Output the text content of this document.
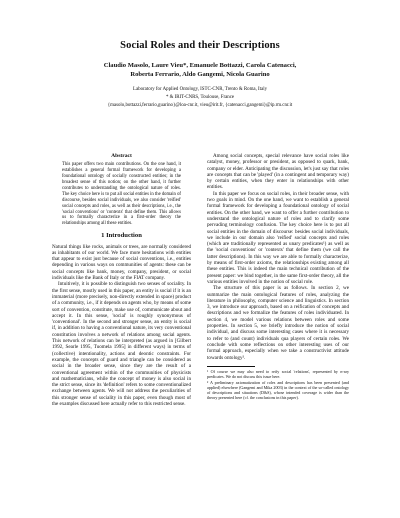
Social Roles and their Descriptions
Claudio Masolo, Laure Vieu*, Emanuele Bottazzi, Carola Catenacci,
Roberta Ferrario, Aldo Gangemi, Nicola Guarino
Laboratory for Applied Ontology, ISTC-CNR, Trento & Roma, Italy
* & IRIT-CNRS, Toulouse, France
{masolo,bottazzi,ferrario,guarino}@loa-cnr.it, vieu@irit.fr, {catenacci,gangemi}@ip.rm.cnr.it
Abstract
This paper offers two main contributions. On the one hand, it establishes a general formal framework for developing a foundational ontology of socially constructed entities; in the broadest sense of this notion; on the other hand, it further contributes to understanding the ontological nature of roles. The key choice here is to put all social entities in the domain of discourse, besides social individuals, we also consider 'reified' social concepts and roles, as well as their descriptions, i.e., the 'social conventions' or 'contexts' that define them. This allows us to formally characterize in a first-order theory the relationships among all these entities.
1 Introduction

Natural things like rocks, animals or trees, are normally considered as inhabitants of our world. We face more hesitations with entities that appear to exist just because of social conventions, i.e., entities depending in various ways on communities of agents: these can be social concepts like bank, money, company, president, or social individuals like the Bank of Italy or the FIAT company.

Intuitively, it is possible to distinguish two senses of sociality. In the first sense, mostly used in this paper, an entity is social if it is an immaterial (more precisely, non-directly extended in space) product of a community, i.e., if it depends on agents who, by means of some sort of convention, constitute, make use of, communicate about and accept it. In this sense, 'social' is roughly synonymous of 'conventional'. In the second and stronger sense, an entity is social if, in addition to having a conventional nature, its very conventional constitution involves a network of relations among social agents. This network of relations can be interpreted (as argued in [Gilbert 1992, Searle 1995, Tuomela 1995] in different ways) in terms of (collective) intentionality, actions and deontic constraints. For example, the concepts of guard and triangle can be considered as social in the broader sense, since they are the result of a conventional agreement within of the communities of physicists and mathematicians, while the concept of money is also social in the strict sense, since its 'definition' refers to some conventionalized exchange between agents. We will not address the peculiarities of this stronger sense of sociality in this paper, even though most of the examples discussed here actually refer to this restricted sense.

Among social concepts, special relevance have social roles like catalyst, money, professor or president, as opposed to quark, bank, company or elder. Anticipating the discussion, let's just say that roles are concepts that can be 'played' (in a contingent and temporary way) by certain entities, when they enter in relationships with other entities.

In this paper we focus on social roles, in their broader sense, with two goals in mind. On the one hand, we want to establish a general formal framework for developing a foundational ontology of social entities. On the other hand, we want to offer a further contribution to understand the ontological nature of roles and to clarify some pervading terminology confusion. The key choice here is to put all social entities in the domain of discourse: besides social individuals, we include in our domain also 'reified' social concepts and roles (which are traditionally represented as unary predicates¹) as well as the 'social conventions' or 'contexts' that define them (we call the latter descriptions). In this way we are able to formally characterize, by means of first-order axioms, the relationships existing among all these entities. This is indeed the main technical contribution of the present paper: we bind together, in the same first-order theory, all the various entities involved in the notion of social role.

The structure of this paper is as follows. In section 2, we summarize the main ontological features of roles, analyzing the literature in philosophy, computer science and linguistics. In section 3, we introduce our approach, based on a reification of concepts and descriptions and we formalize the features of roles individuated. In section 4, we model various relations between roles and some properties. In section 5, we briefly introduce the notion of social individual, and discuss some interesting cases where it is necessary to refer to (and count) individuals qua players of certain roles. We conclude with some reflections on other interesting uses of our formal approach, especially when we take a constructivist attitude towards ontology².

¹ Of course we may also need to reify social 'relations', represented by n-ary predicates. We do not discuss this issue here.

² A preliminary axiomatization of roles and descriptions has been presented (and applied) elsewhere (Gangemi and Mika 2003) in the context of the so-called ontology of descriptions and situations (D&S), whose intended coverage is wider than the theory presented here (cf. the conclusions in this paper).
